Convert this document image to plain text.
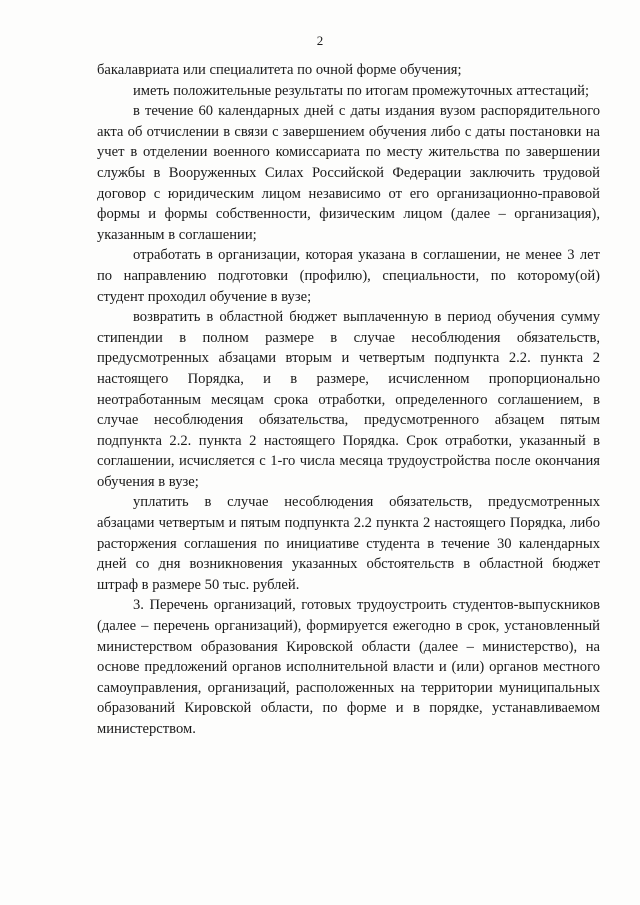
2

бакалавриата или специалитета по очной форме обучения;

иметь положительные результаты по итогам промежуточных аттестаций;

в течение 60 календарных дней с даты издания вузом распорядительного акта об отчислении в связи с завершением обучения либо с даты постановки на учет в отделении военного комиссариата по месту жительства по завершении службы в Вооруженных Силах Российской Федерации заключить трудовой договор с юридическим лицом независимо от его организационно-правовой формы и формы собственности, физическим лицом (далее – организация), указанным в соглашении;

отработать в организации, которая указана в соглашении, не менее 3 лет по направлению подготовки (профилю), специальности, по которому(ой) студент проходил обучение в вузе;

возвратить в областной бюджет выплаченную в период обучения сумму стипендии в полном размере в случае несоблюдения обязательств, предусмотренных абзацами вторым и четвертым подпункта 2.2. пункта 2 настоящего Порядка, и в размере, исчисленном пропорционально неотработанным месяцам срока отработки, определенного соглашением, в случае несоблюдения обязательства, предусмотренного абзацем пятым подпункта 2.2. пункта 2 настоящего Порядка. Срок отработки, указанный в соглашении, исчисляется с 1-го числа месяца трудоустройства после окончания обучения в вузе;

уплатить в случае несоблюдения обязательств, предусмотренных абзацами четвертым и пятым подпункта 2.2 пункта 2 настоящего Порядка, либо расторжения соглашения по инициативе студента в течение 30 календарных дней со дня возникновения указанных обстоятельств в областной бюджет штраф в размере 50 тыс. рублей.

3. Перечень организаций, готовых трудоустроить студентов-выпускников (далее – перечень организаций), формируется ежегодно в срок, установленный министерством образования Кировской области (далее – министерство), на основе предложений органов исполнительной власти и (или) органов местного самоуправления, организаций, расположенных на территории муниципальных образований Кировской области, по форме и в порядке, устанавливаемом министерством.
